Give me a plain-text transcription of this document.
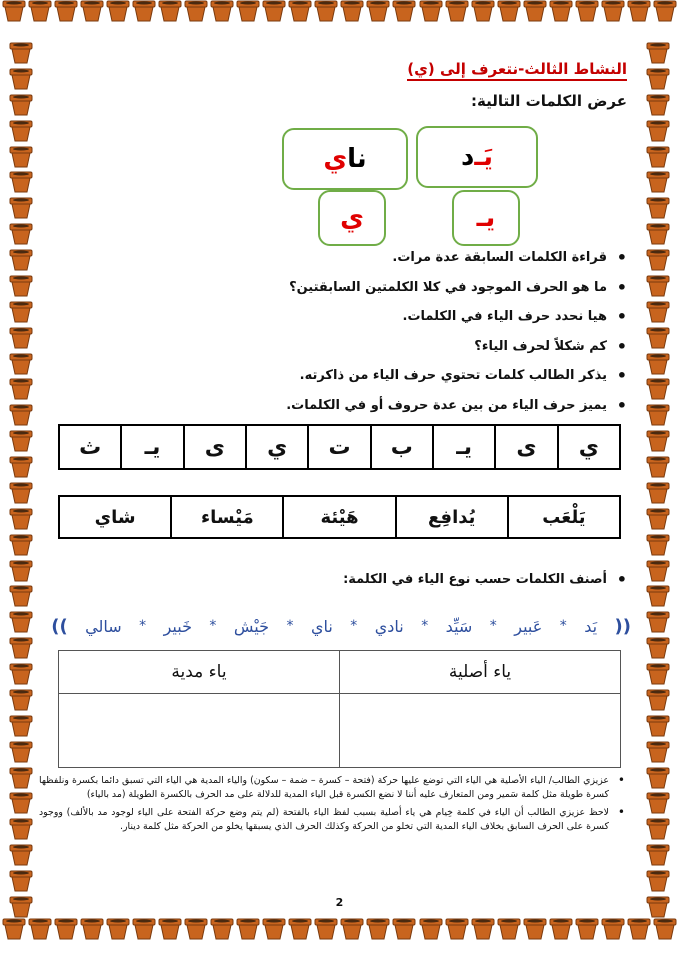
النشاط الثالث-نتعرف إلى (ي)
عرض الكلمات التالية:
يَـ
د
نا
ي
يـ
ي
• قراءة الكلمات السابقة عدة مرات.
• ما هو الحرف الموجود في كلا الكلمتين السابقتين؟
• هيا نحدد حرف الياء في الكلمات.
• كم شكلاً لحرف الياء؟
• يذكر الطالب كلمات تحتوي حرف الياء من ذاكرته.
• يميز حرف الياء من بين عدة حروف أو في الكلمات.
ي	ى	يـ	ب	ت	ي	ى	يـ	ث
يَلْعَب	يُدافِع	هَيْئة	مَيْساء	شاي
• أصنف الكلمات حسب نوع الياء في الكلمة:
((
يَد
*
عَبير
*
سَيِّد
*
نادي
*
ناي
*
جَيْش
*
خَبير
*
سالي
))
ياء أصلية	ياء مدية

• عزيزي الطالب/ الياء الأصلية هي الياء التي توضع عليها حركة (فتحة – كسرة – ضمة – سكون) والياء المدية هي الياء التي تسبق دائما بكسرة ونلفظها كسرة طويلة مثل كلمة سَمير ومن المتعارف عليه أننا لا نضع الكسرة قبل الياء المدية للدلالة على مد الحرف بالكسرة الطويلة (مد بالياء)
• لاحظ عزيزي الطالب أن الياء في كلمة خِيام هي ياء أصلية بسبب لفظ الياء بالفتحة (لم يتم وضع حركة الفتحة على الياء لوجود مد بالألف) ووجود كسرة على الحرف السابق بخلاف الياء المدية التي تخلو من الحركة وكذلك الحرف الذي يسبقها يخلو من الحركة مثل كلمة دينار.
2
